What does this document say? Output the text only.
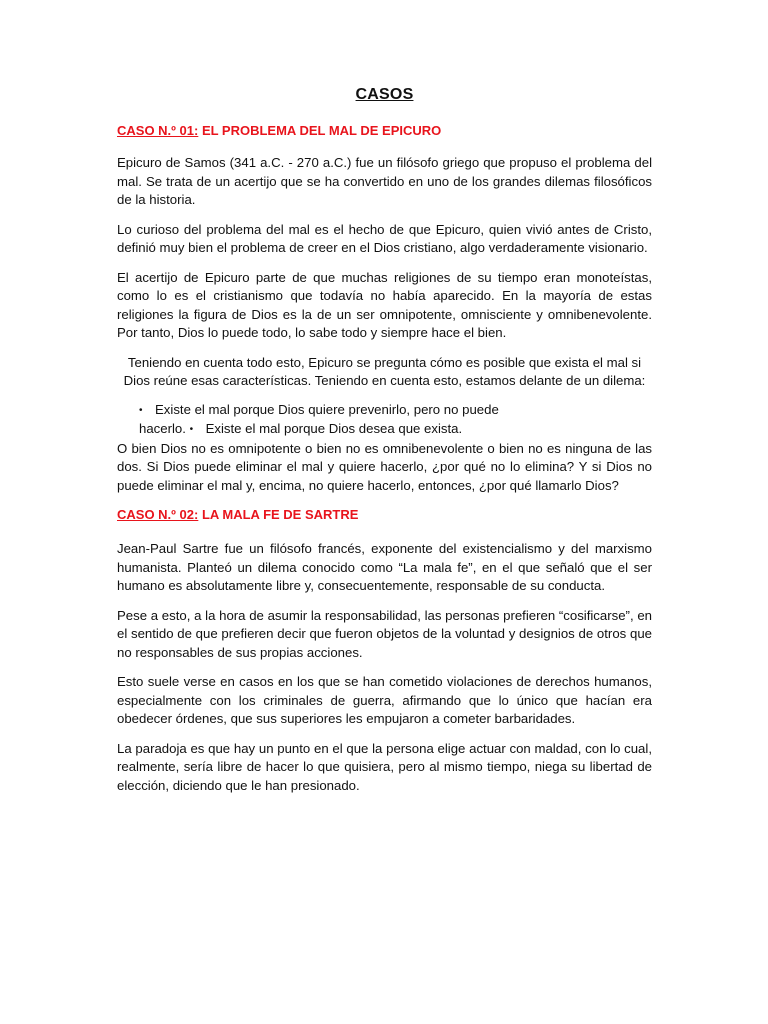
CASOS
CASO N.º 01: EL PROBLEMA DEL MAL DE EPICURO

Epicuro de Samos (341 a.C. - 270 a.C.) fue un filósofo griego que propuso el problema del mal. Se trata de un acertijo que se ha convertido en uno de los grandes dilemas filosóficos de la historia.

Lo curioso del problema del mal es el hecho de que Epicuro, quien vivió antes de Cristo, definió muy bien el problema de creer en el Dios cristiano, algo verdaderamente visionario.

El acertijo de Epicuro parte de que muchas religiones de su tiempo eran monoteístas, como lo es el cristianismo que todavía no había aparecido. En la mayoría de estas religiones la figura de Dios es la de un ser omnipotente, omnisciente y omnibenevolente. Por tanto, Dios lo puede todo, lo sabe todo y siempre hace el bien.

Teniendo en cuenta todo esto, Epicuro se pregunta cómo es posible que exista el mal si Dios reúne esas características. Teniendo en cuenta esto, estamos delante de un dilema:

• Existe el mal porque Dios quiere prevenirlo, pero no puede
hacerlo. • Existe el mal porque Dios desea que exista.

O bien Dios no es omnipotente o bien no es omnibenevolente o bien no es ninguna de las dos. Si Dios puede eliminar el mal y quiere hacerlo, ¿por qué no lo elimina? Y si Dios no puede eliminar el mal y, encima, no quiere hacerlo, entonces, ¿por qué llamarlo Dios?

CASO N.º 02: LA MALA FE DE SARTRE

Jean-Paul Sartre fue un filósofo francés, exponente del existencialismo y del marxismo humanista. Planteó un dilema conocido como “La mala fe”, en el que señaló que el ser humano es absolutamente libre y, consecuentemente, responsable de su conducta.

Pese a esto, a la hora de asumir la responsabilidad, las personas prefieren “cosificarse”, en el sentido de que prefieren decir que fueron objetos de la voluntad y designios de otros que no responsables de sus propias acciones.

Esto suele verse en casos en los que se han cometido violaciones de derechos humanos, especialmente con los criminales de guerra, afirmando que lo único que hacían era obedecer órdenes, que sus superiores les empujaron a cometer barbaridades.

La paradoja es que hay un punto en el que la persona elige actuar con maldad, con lo cual, realmente, sería libre de hacer lo que quisiera, pero al mismo tiempo, niega su libertad de elección, diciendo que le han presionado.
